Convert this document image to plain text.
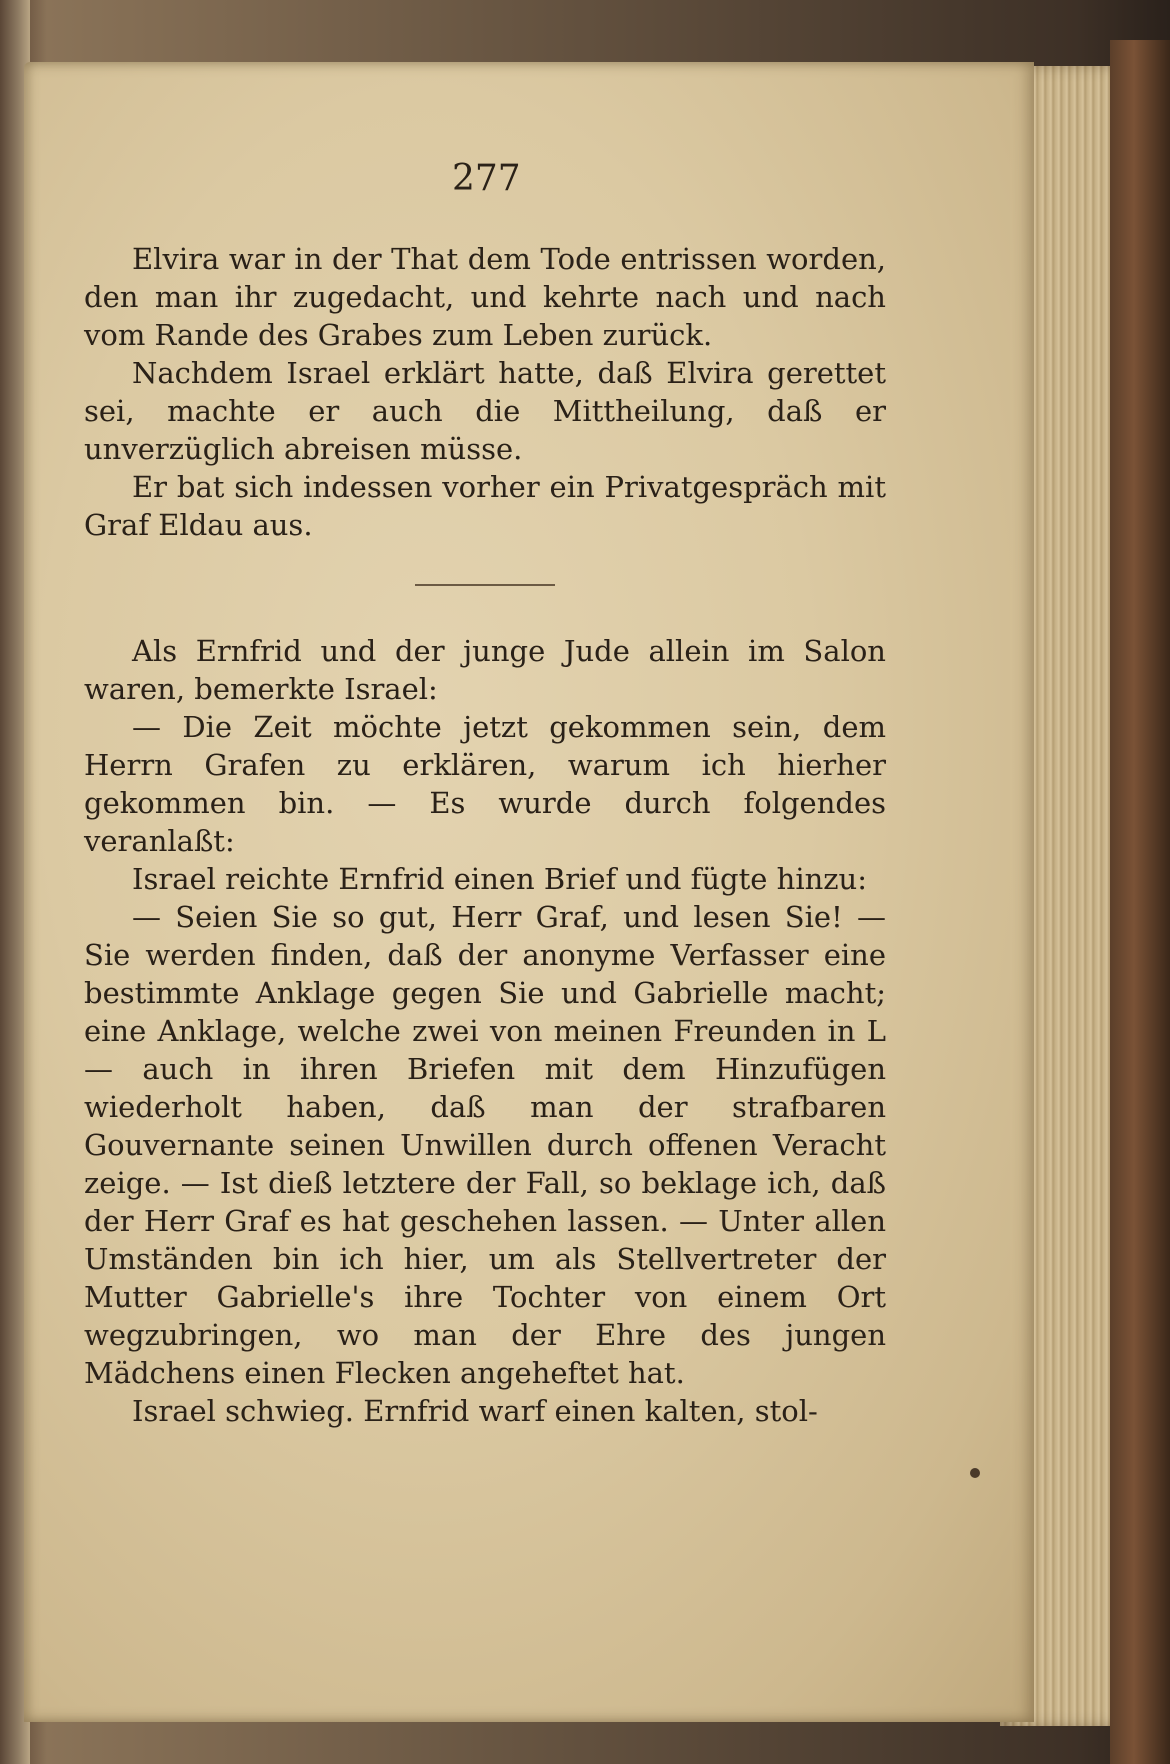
277

Elvira war in der That dem Tode entrissen worden, den man ihr zugedacht, und kehrte nach und nach vom Rande des Grabes zum Leben zurück.

Nachdem Israel erklärt hatte, daß Elvira gerettet sei, machte er auch die Mittheilung, daß er unverzüglich abreisen müsse.

Er bat sich indessen vorher ein Privatgespräch mit Graf Eldau aus.

Als Ernfrid und der junge Jude allein im Salon waren, bemerkte Israel:

— Die Zeit möchte jetzt gekommen sein, dem Herrn Grafen zu erklären, warum ich hierher gekommen bin. — Es wurde durch folgendes veranlaßt:

Israel reichte Ernfrid einen Brief und fügte hinzu:

— Seien Sie so gut, Herr Graf, und lesen Sie! — Sie werden finden, daß der anonyme Verfasser eine bestimmte Anklage gegen Sie und Gabrielle macht; eine Anklage, welche zwei von meinen Freunden in L— auch in ihren Briefen mit dem Hinzufügen wiederholt haben, daß man der strafbaren Gouvernante seinen Unwillen durch offenen Veracht zeige. — Ist dieß letztere der Fall, so beklage ich, daß der Herr Graf es hat geschehen lassen. — Unter allen Umständen bin ich hier, um als Stellvertreter der Mutter Gabrielle's ihre Tochter von einem Ort wegzubringen, wo man der Ehre des jungen Mädchens einen Flecken angeheftet hat.

Israel schwieg. Ernfrid warf einen kalten, stol-
